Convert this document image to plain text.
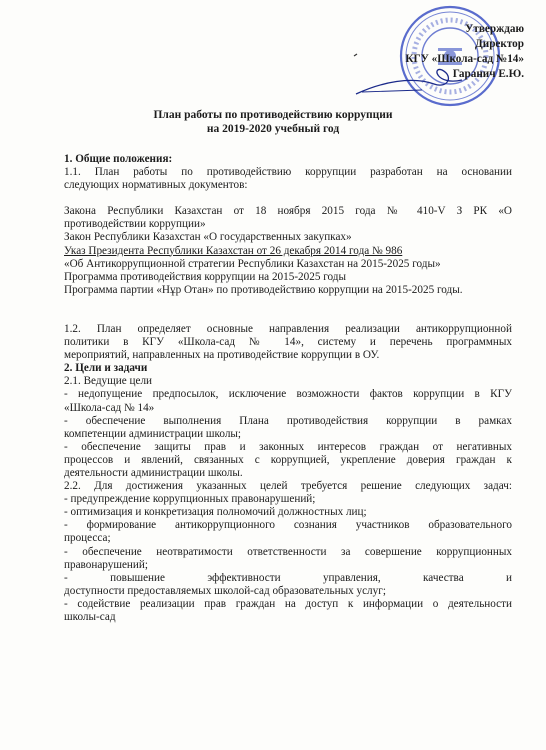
Утверждаю
Директор
КГУ «Школа-сад №14»
Гаранич Е.Ю.
План работы по противодействию коррупции
на 2019-2020 учебный год
1. Общие положения:
1.1. План работы по противодействию коррупции разработан на основании
следующих нормативных документов:
Закона Республики Казахстан от 18 ноября 2015 года № 410-V З РК «О
противодействии коррупции»
Закон Республики Казахстан «О государственных закупках»
Указ Президента Республики Казахстан от 26 декабря 2014 года № 986
«Об Антикоррупционной стратегии Республики Казахстан на 2015-2025 годы»
Программа противодействия коррупции на 2015-2025 годы
Программа партии «Нұр Отан» по противодействию коррупции на 2015-2025 годы.
1.2. План определяет основные направления реализации антикоррупционной
политики в КГУ «Школа-сад № 14», систему и перечень программных
мероприятий, направленных на противодействие коррупции в ОУ.
2. Цели и задачи
2.1. Ведущие цели
- недопущение предпосылок, исключение возможности фактов коррупции в КГУ
«Школа-сад № 14»
- обеспечение выполнения Плана противодействия коррупции в рамках
компетенции администрации школы;
- обеспечение защиты прав и законных интересов граждан от негативных
процессов и явлений, связанных с коррупцией, укрепление доверия граждан к
деятельности администрации школы.
2.2. Для достижения указанных целей требуется решение следующих задач:
- предупреждение коррупционных правонарушений;
- оптимизация и конкретизация полномочий должностных лиц;
- формирование антикоррупционного сознания участников образовательного
процесса;
- обеспечение неотвратимости ответственности за совершение коррупционных
правонарушений;
- повышение эффективности управления, качества и
доступности предоставляемых школой-сад образовательных услуг;
- содействие реализации прав граждан на доступ к информации о деятельности
школы-сад
